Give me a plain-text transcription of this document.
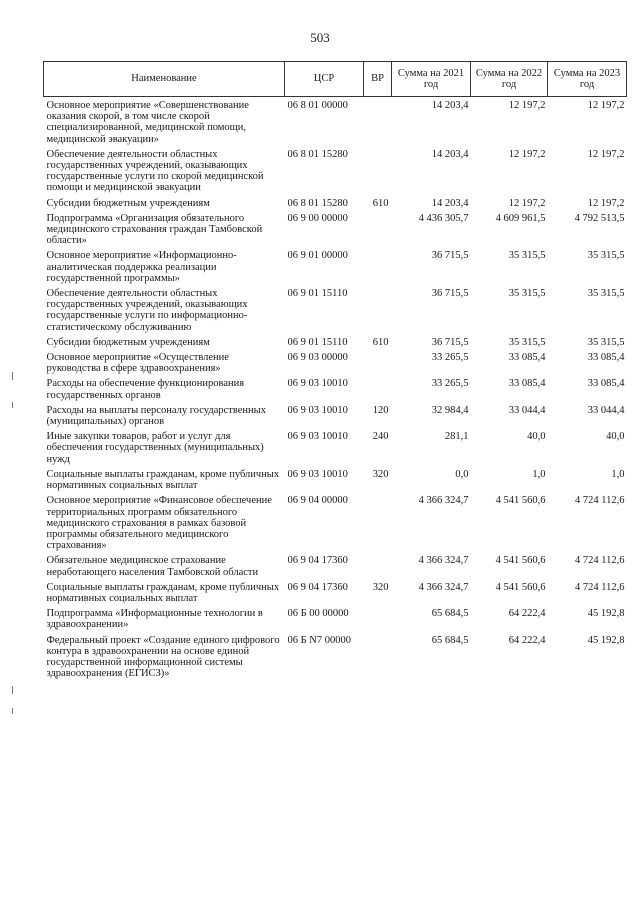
503
Наименование	ЦСР	ВР	Сумма на 2021 год	Сумма на 2022 год	Сумма на 2023 год
Основное мероприятие «Совершенствование оказания скорой, в том числе скорой специализированной, медицинской помощи, медицинской эвакуации»	06 8 01 00000		14 203,4	12 197,2	12 197,2
Обеспечение деятельности областных государственных учреждений, оказывающих государственные услуги по скорой медицинской помощи и медицинской эвакуации	06 8 01 15280		14 203,4	12 197,2	12 197,2
Субсидии бюджетным учреждениям	06 8 01 15280	610	14 203,4	12 197,2	12 197,2
Подпрограмма «Организация обязательного медицинского страхования граждан Тамбовской области»	06 9 00 00000		4 436 305,7	4 609 961,5	4 792 513,5
Основное мероприятие «Информационно-аналитическая поддержка реализации государственной программы»	06 9 01 00000		36 715,5	35 315,5	35 315,5
Обеспечение деятельности областных государственных учреждений, оказывающих государственные услуги по информационно-статистическому обслуживанию	06 9 01 15110		36 715,5	35 315,5	35 315,5
Субсидии бюджетным учреждениям	06 9 01 15110	610	36 715,5	35 315,5	35 315,5
Основное мероприятие «Осуществление руководства в сфере здравоохранения»	06 9 03 00000		33 265,5	33 085,4	33 085,4
Расходы на обеспечение функционирования государственных органов	06 9 03 10010		33 265,5	33 085,4	33 085,4
Расходы на выплаты персоналу государственных (муниципальных) органов	06 9 03 10010	120	32 984,4	33 044,4	33 044,4
Иные закупки товаров, работ и услуг для обеспечения государственных (муниципальных) нужд	06 9 03 10010	240	281,1	40,0	40,0
Социальные выплаты гражданам, кроме публичных нормативных социальных выплат	06 9 03 10010	320	0,0	1,0	1,0
Основное мероприятие «Финансовое обеспечение территориальных программ обязательного медицинского страхования в рамках базовой программы обязательного медицинского страхования»	06 9 04 00000		4 366 324,7	4 541 560,6	4 724 112,6
Обязательное медицинское страхование неработающего населения Тамбовской области	06 9 04 17360		4 366 324,7	4 541 560,6	4 724 112,6
Социальные выплаты гражданам, кроме публичных нормативных социальных выплат	06 9 04 17360	320	4 366 324,7	4 541 560,6	4 724 112,6
Подпрограмма «Информационные технологии в здравоохранении»	06 Б 00 00000		65 684,5	64 222,4	45 192,8
Федеральный проект «Создание единого цифрового контура в здравоохранении на основе единой государственной информационной системы здравоохранения (ЕГИСЗ)»	06 Б N7 00000		65 684,5	64 222,4	45 192,8
